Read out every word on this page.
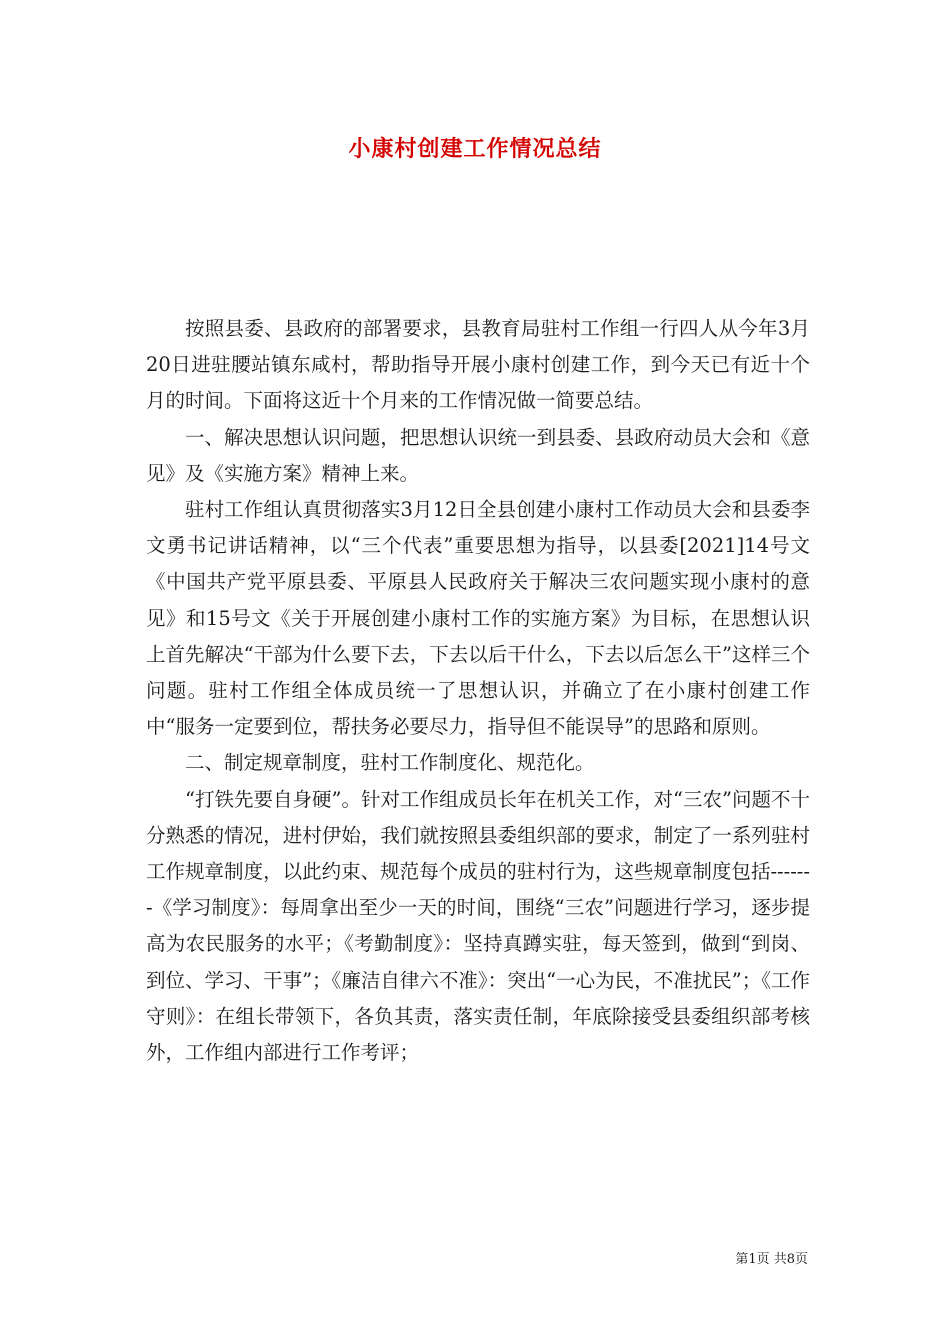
小康村创建工作情况总结

按照县委、县政府的部署要求，县教育局驻村工作组一行四人从今年3月20日进驻腰站镇东咸村，帮助指导开展小康村创建工作，到今天已有近十个月的时间。下面将这近十个月来的工作情况做一简要总结。

一、解决思想认识问题，把思想认识统一到县委、县政府动员大会和《意见》及《实施方案》精神上来。

驻村工作组认真贯彻落实3月12日全县创建小康村工作动员大会和县委李文勇书记讲话精神，以“三个代表”重要思想为指导，以县委[2021]14号文《中国共产党平原县委、平原县人民政府关于解决三农问题实现小康村的意见》和15号文《关于开展创建小康村工作的实施方案》为目标，在思想认识上首先解决“干部为什么要下去，下去以后干什么，下去以后怎么干”这样三个问题。驻村工作组全体成员统一了思想认识，并确立了在小康村创建工作中“服务一定要到位，帮扶务必要尽力，指导但不能误导”的思路和原则。

二、制定规章制度，驻村工作制度化、规范化。

“打铁先要自身硬”。针对工作组成员长年在机关工作，对“三农”问题不十分熟悉的情况，进村伊始，我们就按照县委组织部的要求，制定了一系列驻村工作规章制度，以此约束、规范每个成员的驻村行为，这些规章制度包括-------《学习制度》：每周拿出至少一天的时间，围绕“三农”问题进行学习，逐步提高为农民服务的水平；《考勤制度》：坚持真蹲实驻，每天签到，做到“到岗、到位、学习、干事”；《廉洁自律六不准》：突出“一心为民，不准扰民”；《工作守则》：在组长带领下，各负其责，落实责任制，年底除接受县委组织部考核外，工作组内部进行工作考评；

第1页 共8页
